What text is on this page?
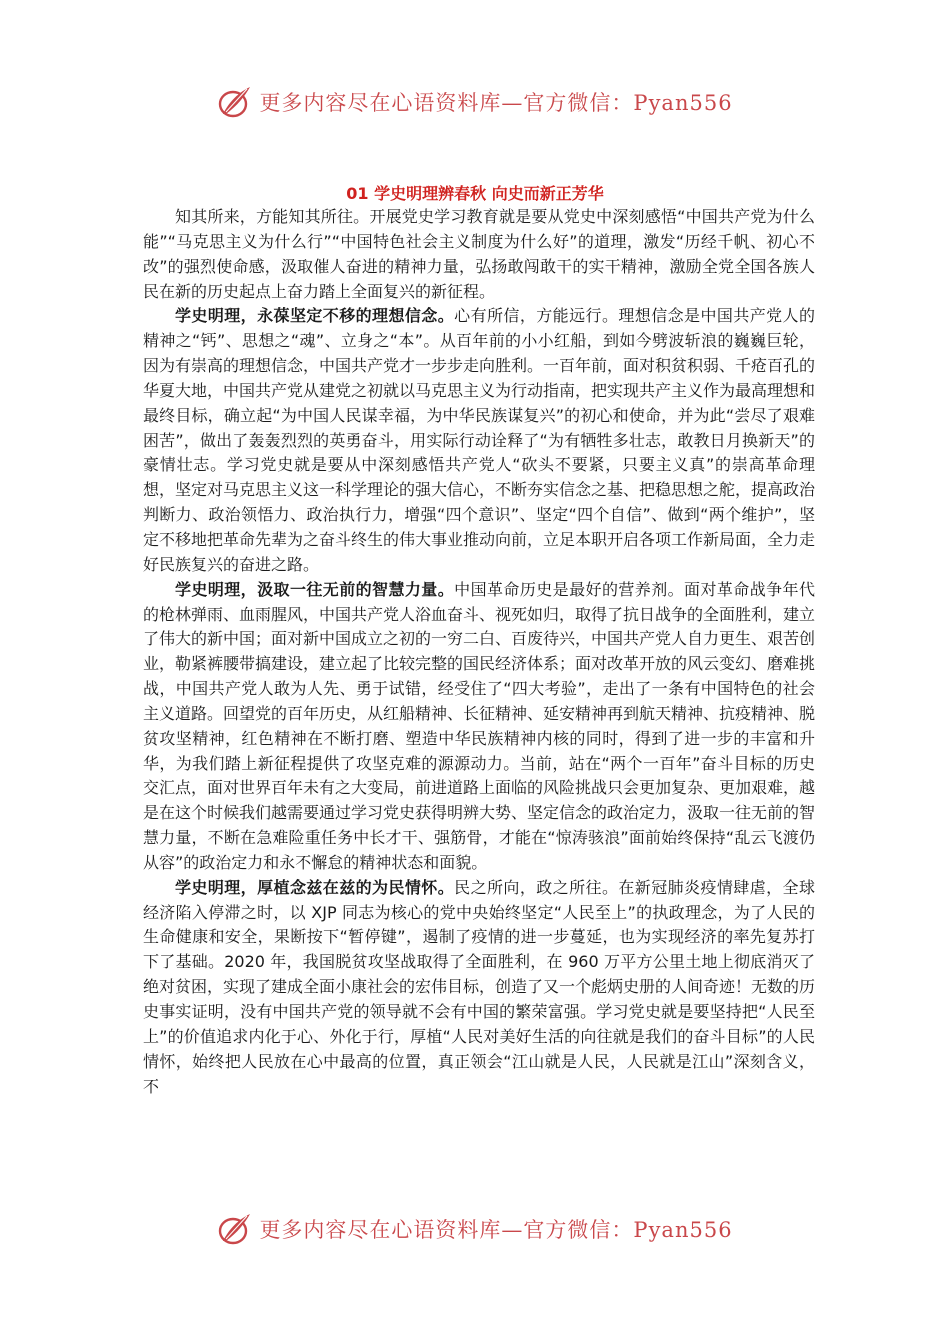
更多内容尽在心语资料库—官方微信：Pyan556
01 学史明理辨春秋 向史而新正芳华

知其所来，方能知其所往。开展党史学习教育就是要从党史中深刻感悟“中国共产党为什么能”“马克思主义为什么行”“中国特色社会主义制度为什么好”的道理，激发“历经千帆、初心不改”的强烈使命感，汲取催人奋进的精神力量，弘扬敢闯敢干的实干精神，激励全党全国各族人民在新的历史起点上奋力踏上全面复兴的新征程。

学史明理，永葆坚定不移的理想信念。心有所信，方能远行。理想信念是中国共产党人的精神之“钙”、思想之“魂”、立身之“本”。从百年前的小小红船，到如今劈波斩浪的巍巍巨轮，因为有崇高的理想信念，中国共产党才一步步走向胜利。一百年前，面对积贫积弱、千疮百孔的华夏大地，中国共产党从建党之初就以马克思主义为行动指南，把实现共产主义作为最高理想和最终目标，确立起“为中国人民谋幸福，为中华民族谋复兴”的初心和使命，并为此“尝尽了艰难困苦”，做出了轰轰烈烈的英勇奋斗，用实际行动诠释了“为有牺牲多壮志，敢教日月换新天”的豪情壮志。学习党史就是要从中深刻感悟共产党人“砍头不要紧，只要主义真”的崇高革命理想，坚定对马克思主义这一科学理论的强大信心，不断夯实信念之基、把稳思想之舵，提高政治判断力、政治领悟力、政治执行力，增强“四个意识”、坚定“四个自信”、做到“两个维护”，坚定不移地把革命先辈为之奋斗终生的伟大事业推动向前，立足本职开启各项工作新局面，全力走好民族复兴的奋进之路。

学史明理，汲取一往无前的智慧力量。中国革命历史是最好的营养剂。面对革命战争年代的枪林弹雨、血雨腥风，中国共产党人浴血奋斗、视死如归，取得了抗日战争的全面胜利，建立了伟大的新中国；面对新中国成立之初的一穷二白、百废待兴，中国共产党人自力更生、艰苦创业，勒紧裤腰带搞建设，建立起了比较完整的国民经济体系；面对改革开放的风云变幻、磨难挑战，中国共产党人敢为人先、勇于试错，经受住了“四大考验”，走出了一条有中国特色的社会主义道路。回望党的百年历史，从红船精神、长征精神、延安精神再到航天精神、抗疫精神、脱贫攻坚精神，红色精神在不断打磨、塑造中华民族精神内核的同时，得到了进一步的丰富和升华，为我们踏上新征程提供了攻坚克难的源源动力。当前，站在“两个一百年”奋斗目标的历史交汇点，面对世界百年未有之大变局，前进道路上面临的风险挑战只会更加复杂、更加艰难，越是在这个时候我们越需要通过学习党史获得明辨大势、坚定信念的政治定力，汲取一往无前的智慧力量，不断在急难险重任务中长才干、强筋骨，才能在“惊涛骇浪”面前始终保持“乱云飞渡仍从容”的政治定力和永不懈怠的精神状态和面貌。

学史明理，厚植念兹在兹的为民情怀。民之所向，政之所往。在新冠肺炎疫情肆虐，全球经济陷入停滞之时，以 XJP 同志为核心的党中央始终坚定“人民至上”的执政理念，为了人民的生命健康和安全，果断按下“暂停键”，遏制了疫情的进一步蔓延，也为实现经济的率先复苏打下了基础。2020 年，我国脱贫攻坚战取得了全面胜利，在 960 万平方公里土地上彻底消灭了绝对贫困，实现了建成全面小康社会的宏伟目标，创造了又一个彪炳史册的人间奇迹！无数的历史事实证明，没有中国共产党的领导就不会有中国的繁荣富强。学习党史就是要坚持把“人民至上”的价值追求内化于心、外化于行，厚植“人民对美好生活的向往就是我们的奋斗目标”的人民情怀，始终把人民放在心中最高的位置，真正领会“江山就是人民，人民就是江山”深刻含义，不

更多内容尽在心语资料库—官方微信：Pyan556
